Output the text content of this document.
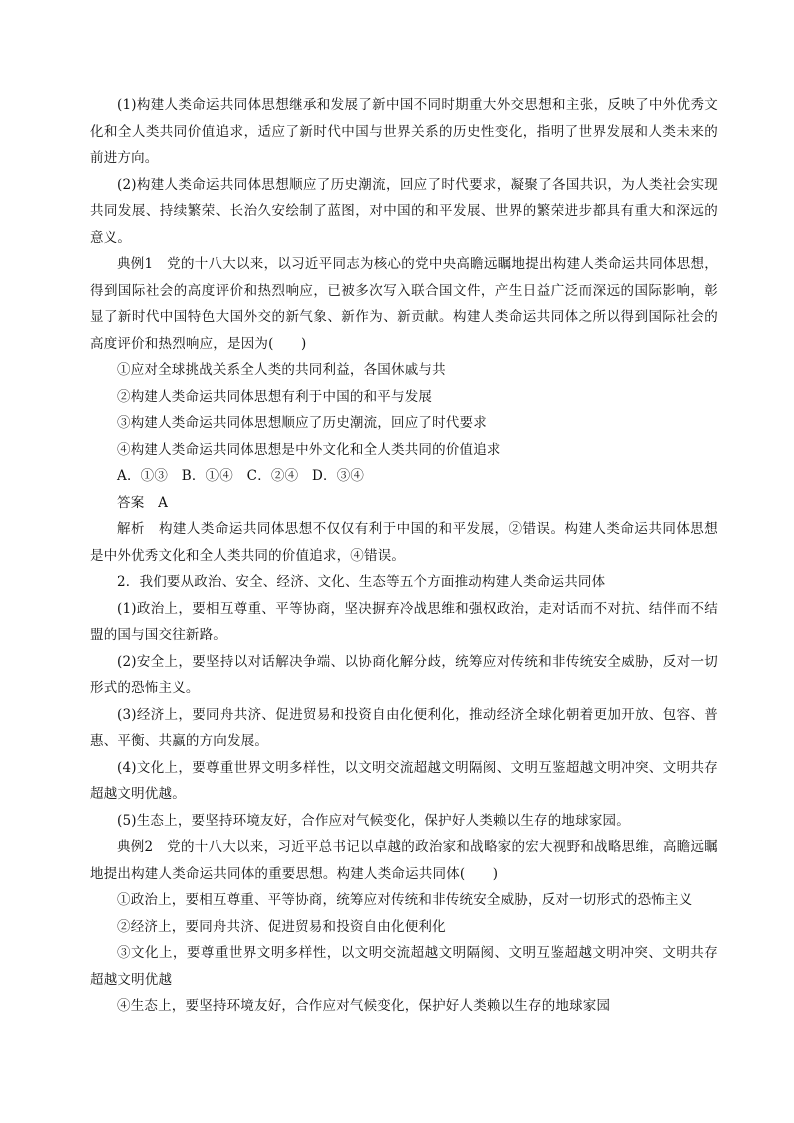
(1)构建人类命运共同体思想继承和发展了新中国不同时期重大外交思想和主张，反映了中外优秀文化和全人类共同价值追求，适应了新时代中国与世界关系的历史性变化，指明了世界发展和人类未来的前进方向。

(2)构建人类命运共同体思想顺应了历史潮流，回应了时代要求，凝聚了各国共识，为人类社会实现共同发展、持续繁荣、长治久安绘制了蓝图，对中国的和平发展、世界的繁荣进步都具有重大和深远的意义。

典例1　党的十八大以来，以习近平同志为核心的党中央高瞻远瞩地提出构建人类命运共同体思想，得到国际社会的高度评价和热烈响应，已被多次写入联合国文件，产生日益广泛而深远的国际影响，彰显了新时代中国特色大国外交的新气象、新作为、新贡献。构建人类命运共同体之所以得到国际社会的高度评价和热烈响应，是因为(　　)

①应对全球挑战关系全人类的共同利益，各国休戚与共

②构建人类命运共同体思想有利于中国的和平与发展

③构建人类命运共同体思想顺应了历史潮流，回应了时代要求

④构建人类命运共同体思想是中外文化和全人类共同的价值追求

A．①③　B．①④　C．②④　D．③④

答案　A

解析　构建人类命运共同体思想不仅仅有利于中国的和平发展，②错误。构建人类命运共同体思想是中外优秀文化和全人类共同的价值追求，④错误。

2．我们要从政治、安全、经济、文化、生态等五个方面推动构建人类命运共同体

(1)政治上，要相互尊重、平等协商，坚决摒弃冷战思维和强权政治，走对话而不对抗、结伴而不结盟的国与国交往新路。

(2)安全上，要坚持以对话解决争端、以协商化解分歧，统筹应对传统和非传统安全威胁，反对一切形式的恐怖主义。

(3)经济上，要同舟共济、促进贸易和投资自由化便利化，推动经济全球化朝着更加开放、包容、普惠、平衡、共赢的方向发展。

(4)文化上，要尊重世界文明多样性，以文明交流超越文明隔阂、文明互鉴超越文明冲突、文明共存超越文明优越。

(5)生态上，要坚持环境友好，合作应对气候变化，保护好人类赖以生存的地球家园。

典例2　党的十八大以来，习近平总书记以卓越的政治家和战略家的宏大视野和战略思维，高瞻远瞩地提出构建人类命运共同体的重要思想。构建人类命运共同体(　　)

①政治上，要相互尊重、平等协商，统筹应对传统和非传统安全威胁，反对一切形式的恐怖主义

②经济上，要同舟共济、促进贸易和投资自由化便利化

③文化上，要尊重世界文明多样性，以文明交流超越文明隔阂、文明互鉴超越文明冲突、文明共存超越文明优越

④生态上，要坚持环境友好，合作应对气候变化，保护好人类赖以生存的地球家园
